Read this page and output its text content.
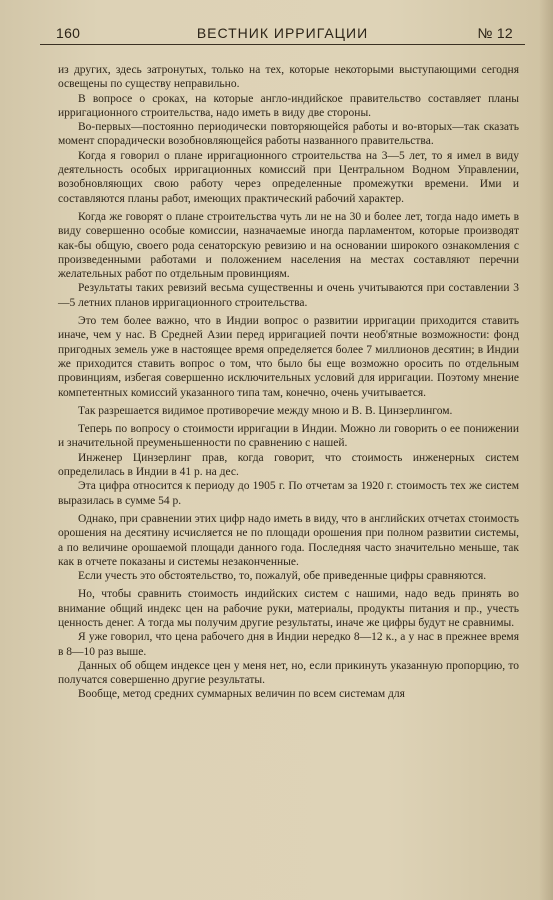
160	ВЕСТНИК ИРРИГАЦИИ	№ 12

из других, здесь затронутых, только на тех, которые некоторыми выступающими сегодня освещены по существу неправильно.

В вопросе о сроках, на которые англо-индийское правительство составляет планы ирригационного строительства, надо иметь в виду две стороны.

Во-первых—постоянно периодически повторяющейся работы и во-вторых—так сказать момент спорадически возобновляющейся работы названного правительства.

Когда я говорил о плане ирригационного строительства на 3—5 лет, то я имел в виду деятельность особых ирригационных комиссий при Центральном Водном Управлении, возобновляющих свою работу через определенные промежутки времени. Ими и составляются планы работ, имеющих практический рабочий характер.

Когда же говорят о плане строительства чуть ли не на 30 и более лет, тогда надо иметь в виду совершенно особые комиссии, назначаемые иногда парламентом, которые производят как-бы общую, своего рода сенаторскую ревизию и на основании широкого ознакомления с произведенными работами и положением населения на местах составляют перечни желательных работ по отдельным провинциям.

Результаты таких ревизий весьма существенны и очень учитываются при составлении 3—5 летних планов ирригационного строительства.

Это тем более важно, что в Индии вопрос о развитии ирригации приходится ставить иначе, чем у нас. В Средней Азии перед ирригацией почти необ'ятные возможности: фонд пригодных земель уже в настоящее время определяется более 7 миллионов десятин; в Индии же приходится ставить вопрос о том, что было бы еще возможно оросить по отдельным провинциям, избегая совершенно исключительных условий для ирригации. Поэтому мнение компетентных комиссий указанного типа там, конечно, очень учитывается.

Так разрешается видимое противоречие между мною и В. В. Цинзерлингом.

Теперь по вопросу о стоимости ирригации в Индии. Можно ли говорить о ее понижении и значительной преуменьшенности по сравнению с нашей.

Инженер Цинзерлинг прав, когда говорит, что стоимость инженерных систем определилась в Индии в 41 р. на дес.

Эта цифра относится к периоду до 1905 г. По отчетам за 1920 г. стоимость тех же систем выразилась в сумме 54 р.

Однако, при сравнении этих цифр надо иметь в виду, что в английских отчетах стоимость орошения на десятину исчисляется не по площади орошения при полном развитии системы, а по величине орошаемой площади данного года. Последняя часто значительно меньше, так как в отчете показаны и системы незаконченные.

Если учесть это обстоятельство, то, пожалуй, обе приведенные цифры сравняются.

Но, чтобы сравнить стоимость индийских систем с нашими, надо ведь принять во внимание общий индекс цен на рабочие руки, материалы, продукты питания и пр., учесть ценность денег. А тогда мы получим другие результаты, иначе же цифры будут не сравнимы.

Я уже говорил, что цена рабочего дня в Индии нередко 8—12 к., а у нас в прежнее время в 8—10 раз выше.

Данных об общем индексе цен у меня нет, но, если прикинуть указанную пропорцию, то получатся совершенно другие результаты.

Вообще, метод средних суммарных величин по всем системам для
